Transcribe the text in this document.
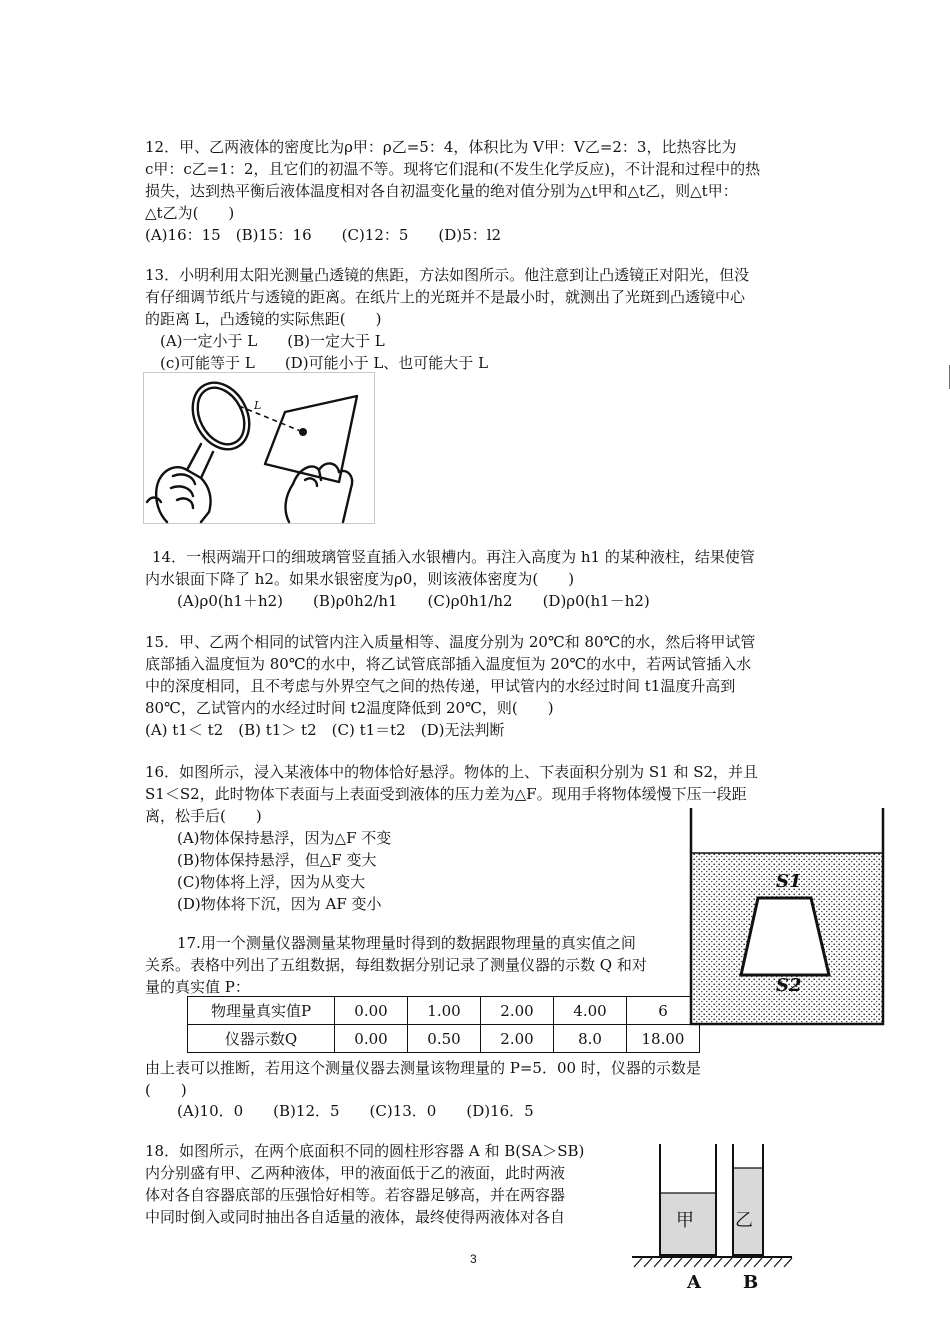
12．甲、乙两液体的密度比为ρ甲：ρ乙=5：4，体积比为 V甲：V乙=2：3，比热容比为
c甲：c乙=1：2，且它们的初温不等。现将它们混和(不发生化学反应)，不计混和过程中的热
损失，达到热平衡后液体温度相对各自初温变化量的绝对值分别为△t甲和△t乙，则△t甲：
△t乙为(　　)
(A)16：15　(B)15：16　　(C)12：5　　(D)5：l2
13．小明利用太阳光测量凸透镜的焦距，方法如图所示。他注意到让凸透镜正对阳光，但没
有仔细调节纸片与透镜的距离。在纸片上的光斑并不是最小时，就测出了光斑到凸透镜中心
的距离 L，凸透镜的实际焦距(　　)
(A)一定小于 L　　(B)一定大于 L
(c)可能等于 L　　(D)可能小于 L、也可能大于 L
L
14．一根两端开口的细玻璃管竖直插入水银槽内。再注入高度为 h1 的某种液柱，结果使管
内水银面下降了 h2。如果水银密度为ρ0，则该液体密度为(　　)
(A)ρ0(h1＋h2)　　(B)ρ0h2/h1　　(C)ρ0h1/h2　　(D)ρ0(h1－h2)
15．甲、乙两个相同的试管内注入质量相等、温度分别为 20℃和 80℃的水，然后将甲试管
底部插入温度恒为 80℃的水中，将乙试管底部插入温度恒为 20℃的水中，若两试管插入水
中的深度相同，且不考虑与外界空气之间的热传递，甲试管内的水经过时间 t1温度升高到
80℃，乙试管内的水经过时间 t2温度降低到 20℃，则(　　)
(A) t1＜ t2　(B) t1＞ t2　(C) t1＝t2　(D)无法判断
16．如图所示，浸入某液体中的物体恰好悬浮。物体的上、下表面积分别为 S1 和 S2，并且
S1＜S2，此时物体下表面与上表面受到液体的压力差为△F。现用手将物体缓慢下压一段距
离，松手后(　　)
(A)物体保持悬浮，因为△F 不变
(B)物体保持悬浮，但△F 变大
(C)物体将上浮，因为从变大
(D)物体将下沉，因为 AF 变小
17.用一个测量仪器测量某物理量时得到的数据跟物理量的真实值之间
关系。表格中列出了五组数据，每组数据分别记录了测量仪器的示数 Q 和对
量的真实值 P：
物理量真实值P	0.00	1.00	2.00	4.00	6
仪器示数Q	0.00	0.50	2.00	8.0	18.00
由上表可以推断，若用这个测量仪器去测量该物理量的 P=5．00 时，仪器的示数是
(　　)
(A)10．0　　(B)12．5　　(C)13．0　　(D)16．5
S1
S2
18．如图所示，在两个底面积不同的圆柱形容器 A 和 B(SA＞SB)
内分别盛有甲、乙两种液体，甲的液面低于乙的液面，此时两液
体对各自容器底部的压强恰好相等。若容器足够高，并在两容器
中同时倒入或同时抽出各自适量的液体，最终使得两液体对各自	甲 乙
A B
3
